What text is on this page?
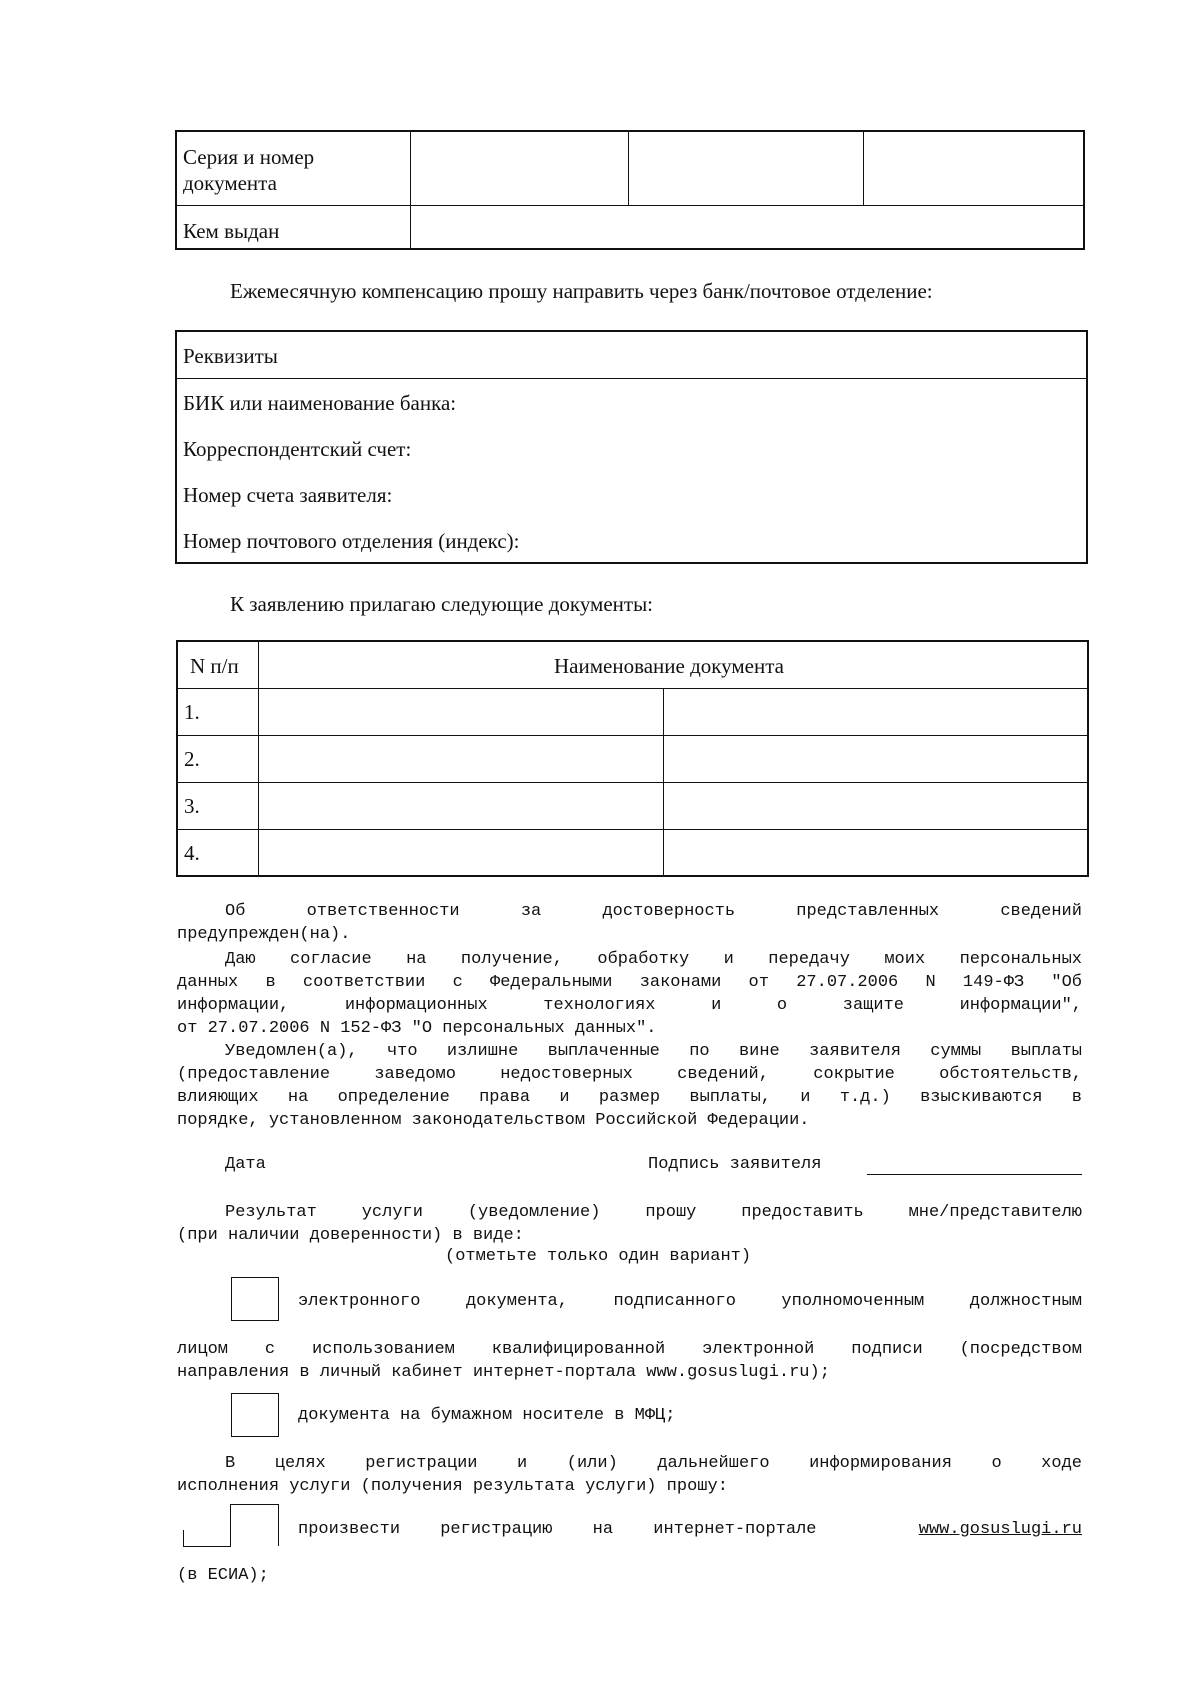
Серия и номер
документа
Кем выдан
Ежемесячную компенсацию прошу направить через банк/почтовое отделение:
Реквизиты
БИК или наименование банка:
Корреспондентский счет:
Номер счета заявителя:
Номер почтового отделения (индекс):
К заявлению прилагаю следующие документы:
N п/п	Наименование документа
1.
2.
3.
4.
Об	ответственности	за	достоверность	представленных	сведений
предупрежден(на).
Даю согласие на получение, обработку и передачу моих персональных
данных в соответствии с Федеральными законами от 27.07.2006 N 149-ФЗ "Об
информации, информационных технологиях и о защите информации",
от 27.07.2006 N 152-ФЗ "О персональных данных".
Уведомлен(а), что излишне выплаченные по вине заявителя суммы выплаты
(предоставление заведомо недостоверных сведений, сокрытие обстоятельств,
влияющих на определение права и размер выплаты, и т.д.) взыскиваются в
порядке, установленном законодательством Российской Федерации.
Дата	Подпись заявителя
Результат услуги (уведомление) прошу предоставить мне/представителю
(при наличии доверенности) в виде:
(отметьте только один вариант)
электронного документа, подписанного уполномоченным должностным
лицом с использованием квалифицированной электронной подписи (посредством
направления в личный кабинет интернет-портала www.gosuslugi.ru);
документа на бумажном носителе в МФЦ;
В целях регистрации и (или) дальнейшего информирования о ходе
исполнения услуги (получения результата услуги) прошу:
произвести регистрацию на интернет-портале	www.gosuslugi.ru
(в ЕСИА);
